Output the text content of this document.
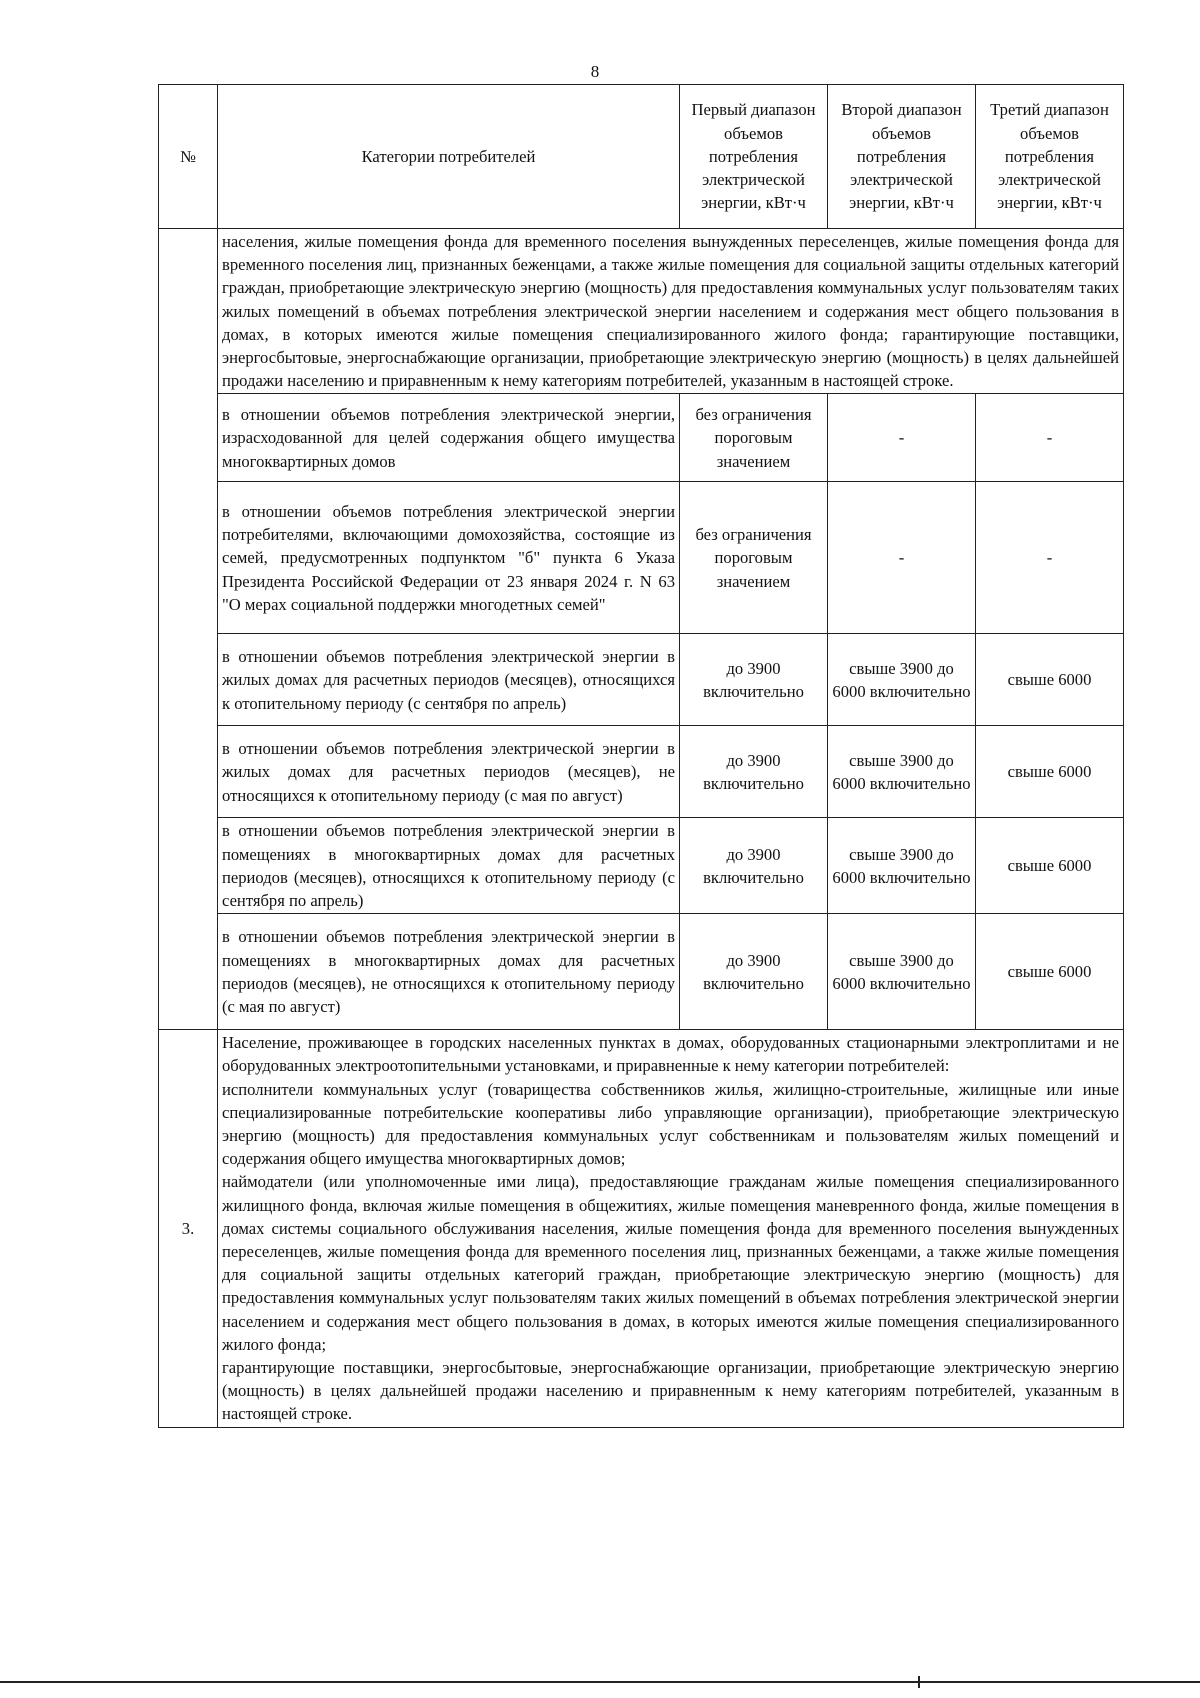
8
№	Категории потребителей	Первый диапазон объемов потребления электрической энергии, кВт·ч	Второй диапазон объемов потребления электрической энергии, кВт·ч	Третий диапазон объемов потребления электрической энергии, кВт·ч
	населения, жилые помещения фонда для временного поселения вынужденных переселенцев, жилые помещения фонда для временного поселения лиц, признанных беженцами, а также жилые помещения для социальной защиты отдельных категорий граждан, приобретающие электрическую энергию (мощность) для предоставления коммунальных услуг пользователям таких жилых помещений в объемах потребления электрической энергии населением и содержания мест общего пользования в домах, в которых имеются жилые помещения специализированного жилого фонда; гарантирующие поставщики, энергосбытовые, энергоснабжающие организации, приобретающие электрическую энергию (мощность) в целях дальнейшей продажи населению и приравненным к нему категориям потребителей, указанным в настоящей строке.			
	в отношении объемов потребления электрической энергии, израсходованной для целей содержания общего имущества многоквартирных домов	без ограничения пороговым значением	-	-
	в отношении объемов потребления электрической энергии потребителями, включающими домохозяйства, состоящие из семей, предусмотренных подпунктом "б" пункта 6 Указа Президента Российской Федерации от 23 января 2024 г. N 63 "О мерах социальной поддержки многодетных семей"	без ограничения пороговым значением	-	-
	в отношении объемов потребления электрической энергии в жилых домах для расчетных периодов (месяцев), относящихся к отопительному периоду (с сентября по апрель)	до 3900 включительно	свыше 3900 до 6000 включительно	свыше 6000
	в отношении объемов потребления электрической энергии в жилых домах для расчетных периодов (месяцев), не относящихся к отопительному периоду (с мая по август)	до 3900 включительно	свыше 3900 до 6000 включительно	свыше 6000
	в отношении объемов потребления электрической энергии в помещениях в многоквартирных домах для расчетных периодов (месяцев), относящихся к отопительному периоду (с сентября по апрель)	до 3900 включительно	свыше 3900 до 6000 включительно	свыше 6000
	в отношении объемов потребления электрической энергии в помещениях в многоквартирных домах для расчетных периодов (месяцев), не относящихся к отопительному периоду (с мая по август)	до 3900 включительно	свыше 3900 до 6000 включительно	свыше 6000
3.	Население, проживающее в городских населенных пунктах в домах, оборудованных стационарными электроплитами и не оборудованных электроотопительными установками, и приравненные к нему категории потребителей:
исполнители коммунальных услуг (товарищества собственников жилья, жилищно-строительные, жилищные или иные специализированные потребительские кооперативы либо управляющие организации), приобретающие электрическую энергию (мощность) для предоставления коммунальных услуг собственникам и пользователям жилых помещений и содержания общего имущества многоквартирных домов;
наймодатели (или уполномоченные ими лица), предоставляющие гражданам жилые помещения специализированного жилищного фонда, включая жилые помещения в общежитиях, жилые помещения маневренного фонда, жилые помещения в домах системы социального обслуживания населения, жилые помещения фонда для временного поселения вынужденных переселенцев, жилые помещения фонда для временного поселения лиц, признанных беженцами, а также жилые помещения для социальной защиты отдельных категорий граждан, приобретающие электрическую энергию (мощность) для предоставления коммунальных услуг пользователям таких жилых помещений в объемах потребления электрической энергии населением и содержания мест общего пользования в домах, в которых имеются жилые помещения специализированного жилого фонда;
гарантирующие поставщики, энергосбытовые, энергоснабжающие организации, приобретающие электрическую энергию (мощность) в целях дальнейшей продажи населению и приравненным к нему категориям потребителей, указанным в настоящей строке.			
